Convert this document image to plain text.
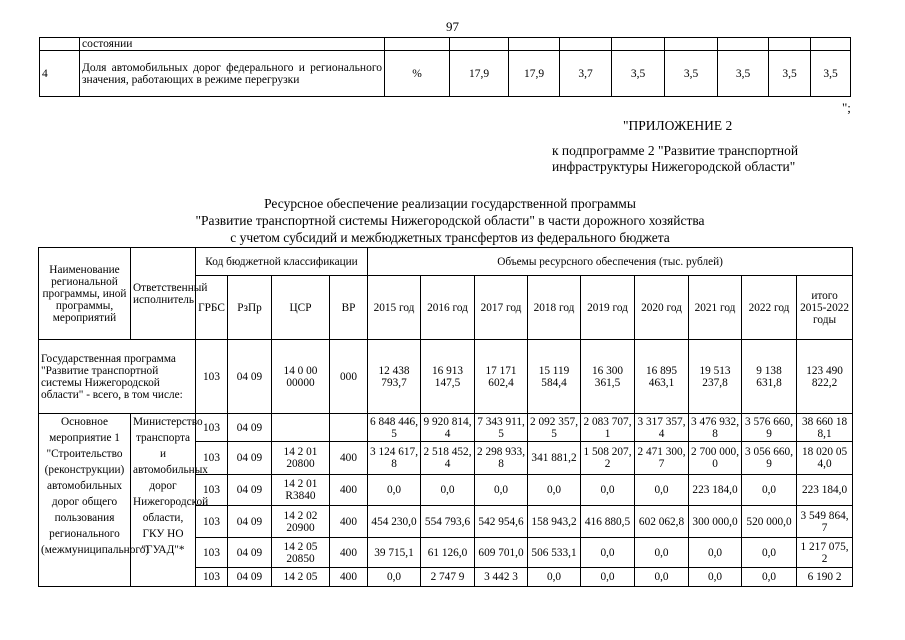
97
	состоянии									
4	Доля автомобильных дорог федерального и регионального значения, работающих в режиме перегрузки	%	17,9	17,9	3,7	3,5	3,5	3,5	3,5	3,5
";
"ПРИЛОЖЕНИЕ 2
к подпрограмме 2 "Развитие транспортной инфраструктуры Нижегородской области"
Ресурсное обеспечение реализации государственной программы
"Развитие транспортной системы Нижегородской области" в части дорожного хозяйства
с учетом субсидий и межбюджетных трансфертов из федерального бюджета
Наименование региональной программы, иной программы, мероприятий	Ответственный исполнитель	Код бюджетной классификации				Объемы ресурсного обеспечения (тыс. рублей)								
		ГРБС	РзПр	ЦСР	ВР	2015 год	2016 год	2017 год	2018 год	2019 год	2020 год	2021 год	2022 год	итого 2015-2022 годы
Государственная программа "Развитие транспортной системы Нижегородской области" - всего, в том числе:		103	04 09	14 0 00 00000	000	12 438 793,7	16 913 147,5	17 171 602,4	15 119 584,4	16 300 361,5	16 895 463,1	19 513 237,8	9 138 631,8	123 490 822,2
Основное мероприятие 1 "Строительство (реконструкции) автомобильных дорог общего пользования регионального (межмуниципального)	Министерство транспорта и автомобильных дорог Нижегородской области, ГКУ НО "ГУАД"*	103	04 09			6 848 446,5	9 920 814,4	7 343 911,5	2 092 357,5	2 083 707,1	3 317 357,4	3 476 932,8	3 576 660,9	38 660 188,1
		103	04 09	14 2 01 20800	400	3 124 617,8	2 518 452,4	2 298 933,8	341 881,2	1 508 207,2	2 471 300,7	2 700 000,0	3 056 660,9	18 020 054,0
		103	04 09	14 2 01 R3840	400	0,0	0,0	0,0	0,0	0,0	0,0	223 184,0	0,0	223 184,0
		103	04 09	14 2 02 20900	400	454 230,0	554 793,6	542 954,6	158 943,2	416 880,5	602 062,8	300 000,0	520 000,0	3 549 864,7
		103	04 09	14 2 05 20850	400	39 715,1	61 126,0	609 701,0	506 533,1	0,0	0,0	0,0	0,0	1 217 075,2
		103	04 09	14 2 05	400	0,0	2 747 9	3 442 3	0,0	0,0	0,0	0,0	0,0	6 190 2
